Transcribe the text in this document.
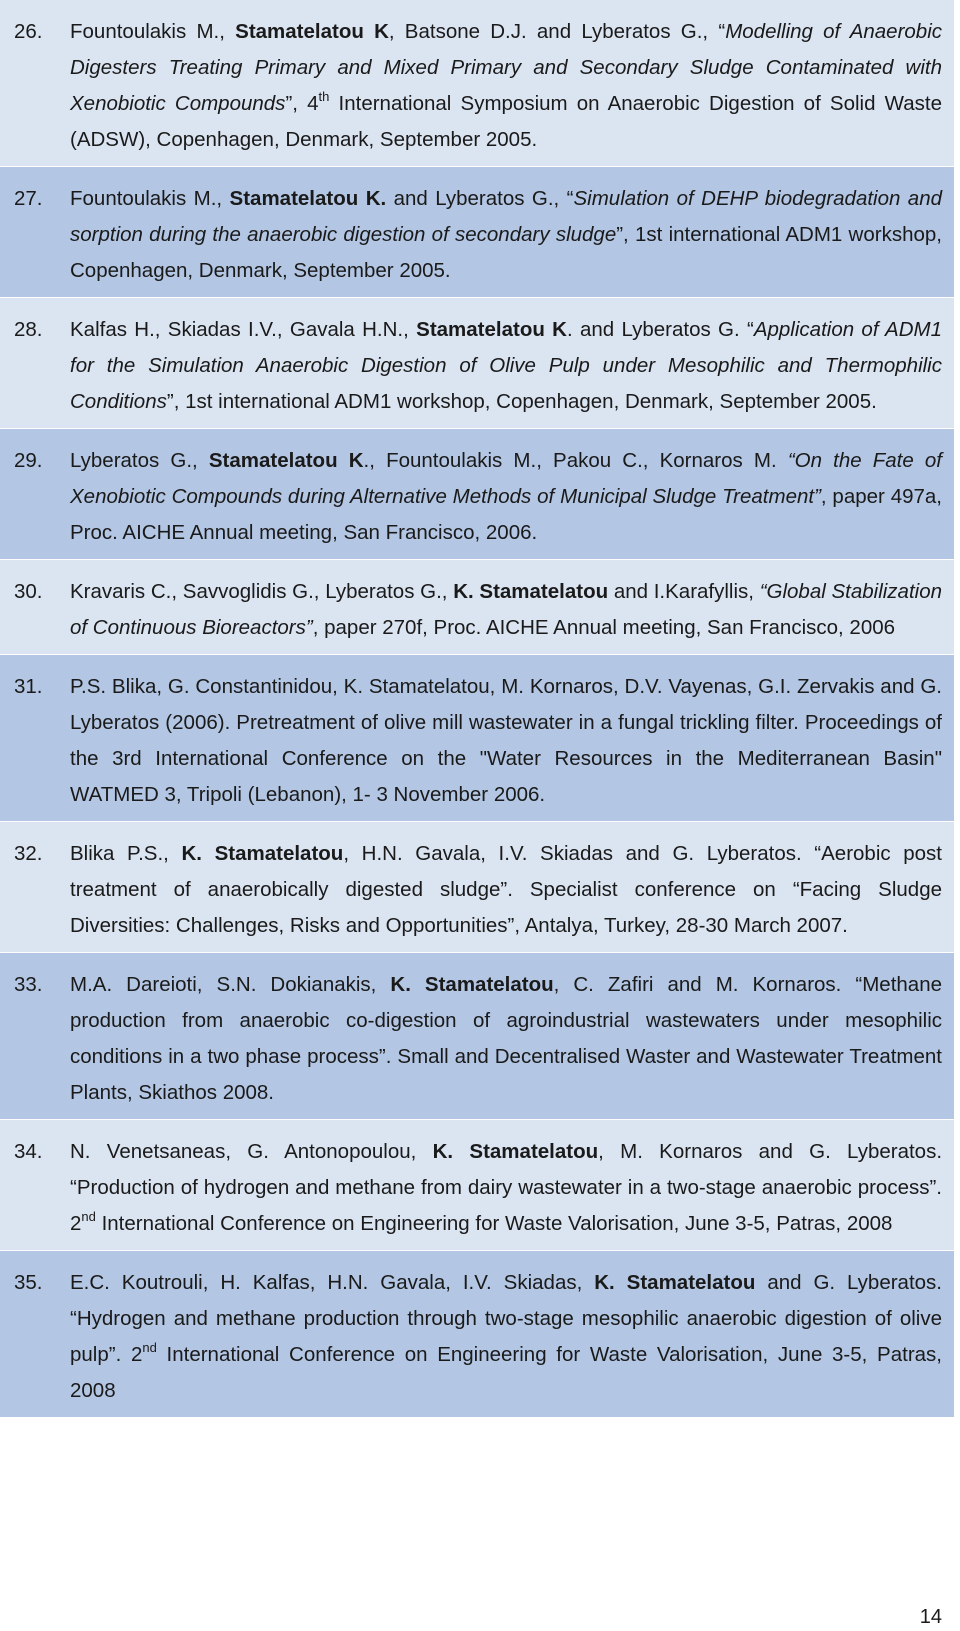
26.	Fountoulakis M., Stamatelatou K, Batsone D.J. and Lyberatos G., “Modelling of Anaerobic Digesters Treating Primary and Mixed Primary and Secondary Sludge Contaminated with Xenobiotic Compounds”, 4th International Symposium on Anaerobic Digestion of Solid Waste (ADSW), Copenhagen, Denmark, September 2005.
27.	Fountoulakis M., Stamatelatou K. and Lyberatos G., “Simulation of DEHP biodegradation and sorption during the anaerobic digestion of secondary sludge”, 1st international ADM1 workshop, Copenhagen, Denmark, September 2005.
28.	Kalfas H., Skiadas I.V., Gavala H.N., Stamatelatou K. and Lyberatos G. “Application of ADM1 for the Simulation Anaerobic Digestion of Olive Pulp under Mesophilic and Thermophilic Conditions”, 1st international ADM1 workshop, Copenhagen, Denmark, September 2005.
29.	Lyberatos G., Stamatelatou K., Fountoulakis M., Pakou C., Kornaros M. “On the Fate of Xenobiotic Compounds during Alternative Methods of Municipal Sludge Treatment”, paper 497a, Proc. AICHE Annual meeting, San Francisco, 2006.
30.	Kravaris C., Savvoglidis G., Lyberatos G., K. Stamatelatou and I.Karafyllis, “Global Stabilization of Continuous Bioreactors”, paper 270f, Proc. AICHE Annual meeting, San Francisco, 2006
31.	P.S. Blika, G. Constantinidou, K. Stamatelatou, M. Kornaros, D.V. Vayenas, G.I. Zervakis and G. Lyberatos (2006). Pretreatment of olive mill wastewater in a fungal trickling filter. Proceedings of the 3rd International Conference on the "Water Resources in the Mediterranean Basin" WATMED 3, Tripoli (Lebanon), 1- 3 November 2006.
32.	Blika P.S., K. Stamatelatou, H.N. Gavala, I.V. Skiadas and G. Lyberatos. “Aerobic post treatment of anaerobically digested sludge”. Specialist conference on “Facing Sludge Diversities: Challenges, Risks and Opportunities”, Antalya, Turkey, 28-30 March 2007.
33.	M.A. Dareioti, S.N. Dokianakis, K. Stamatelatou, C. Zafiri and M. Kornaros. “Methane production from anaerobic co-digestion of agroindustrial wastewaters under mesophilic conditions in a two phase process”. Small and Decentralised Waster and Wastewater Treatment Plants, Skiathos 2008.
34.	N. Venetsaneas, G. Antonopoulou, K. Stamatelatou, M. Kornaros and G. Lyberatos. “Production of hydrogen and methane from dairy wastewater in a two-stage anaerobic process”. 2nd International Conference on Engineering for Waste Valorisation, June 3-5, Patras, 2008
35.	E.C. Koutrouli, H. Kalfas, H.N. Gavala, I.V. Skiadas, K. Stamatelatou and G. Lyberatos. “Hydrogen and methane production through two-stage mesophilic anaerobic digestion of olive pulp”. 2nd International Conference on Engineering for Waste Valorisation, June 3-5, Patras, 2008
14
